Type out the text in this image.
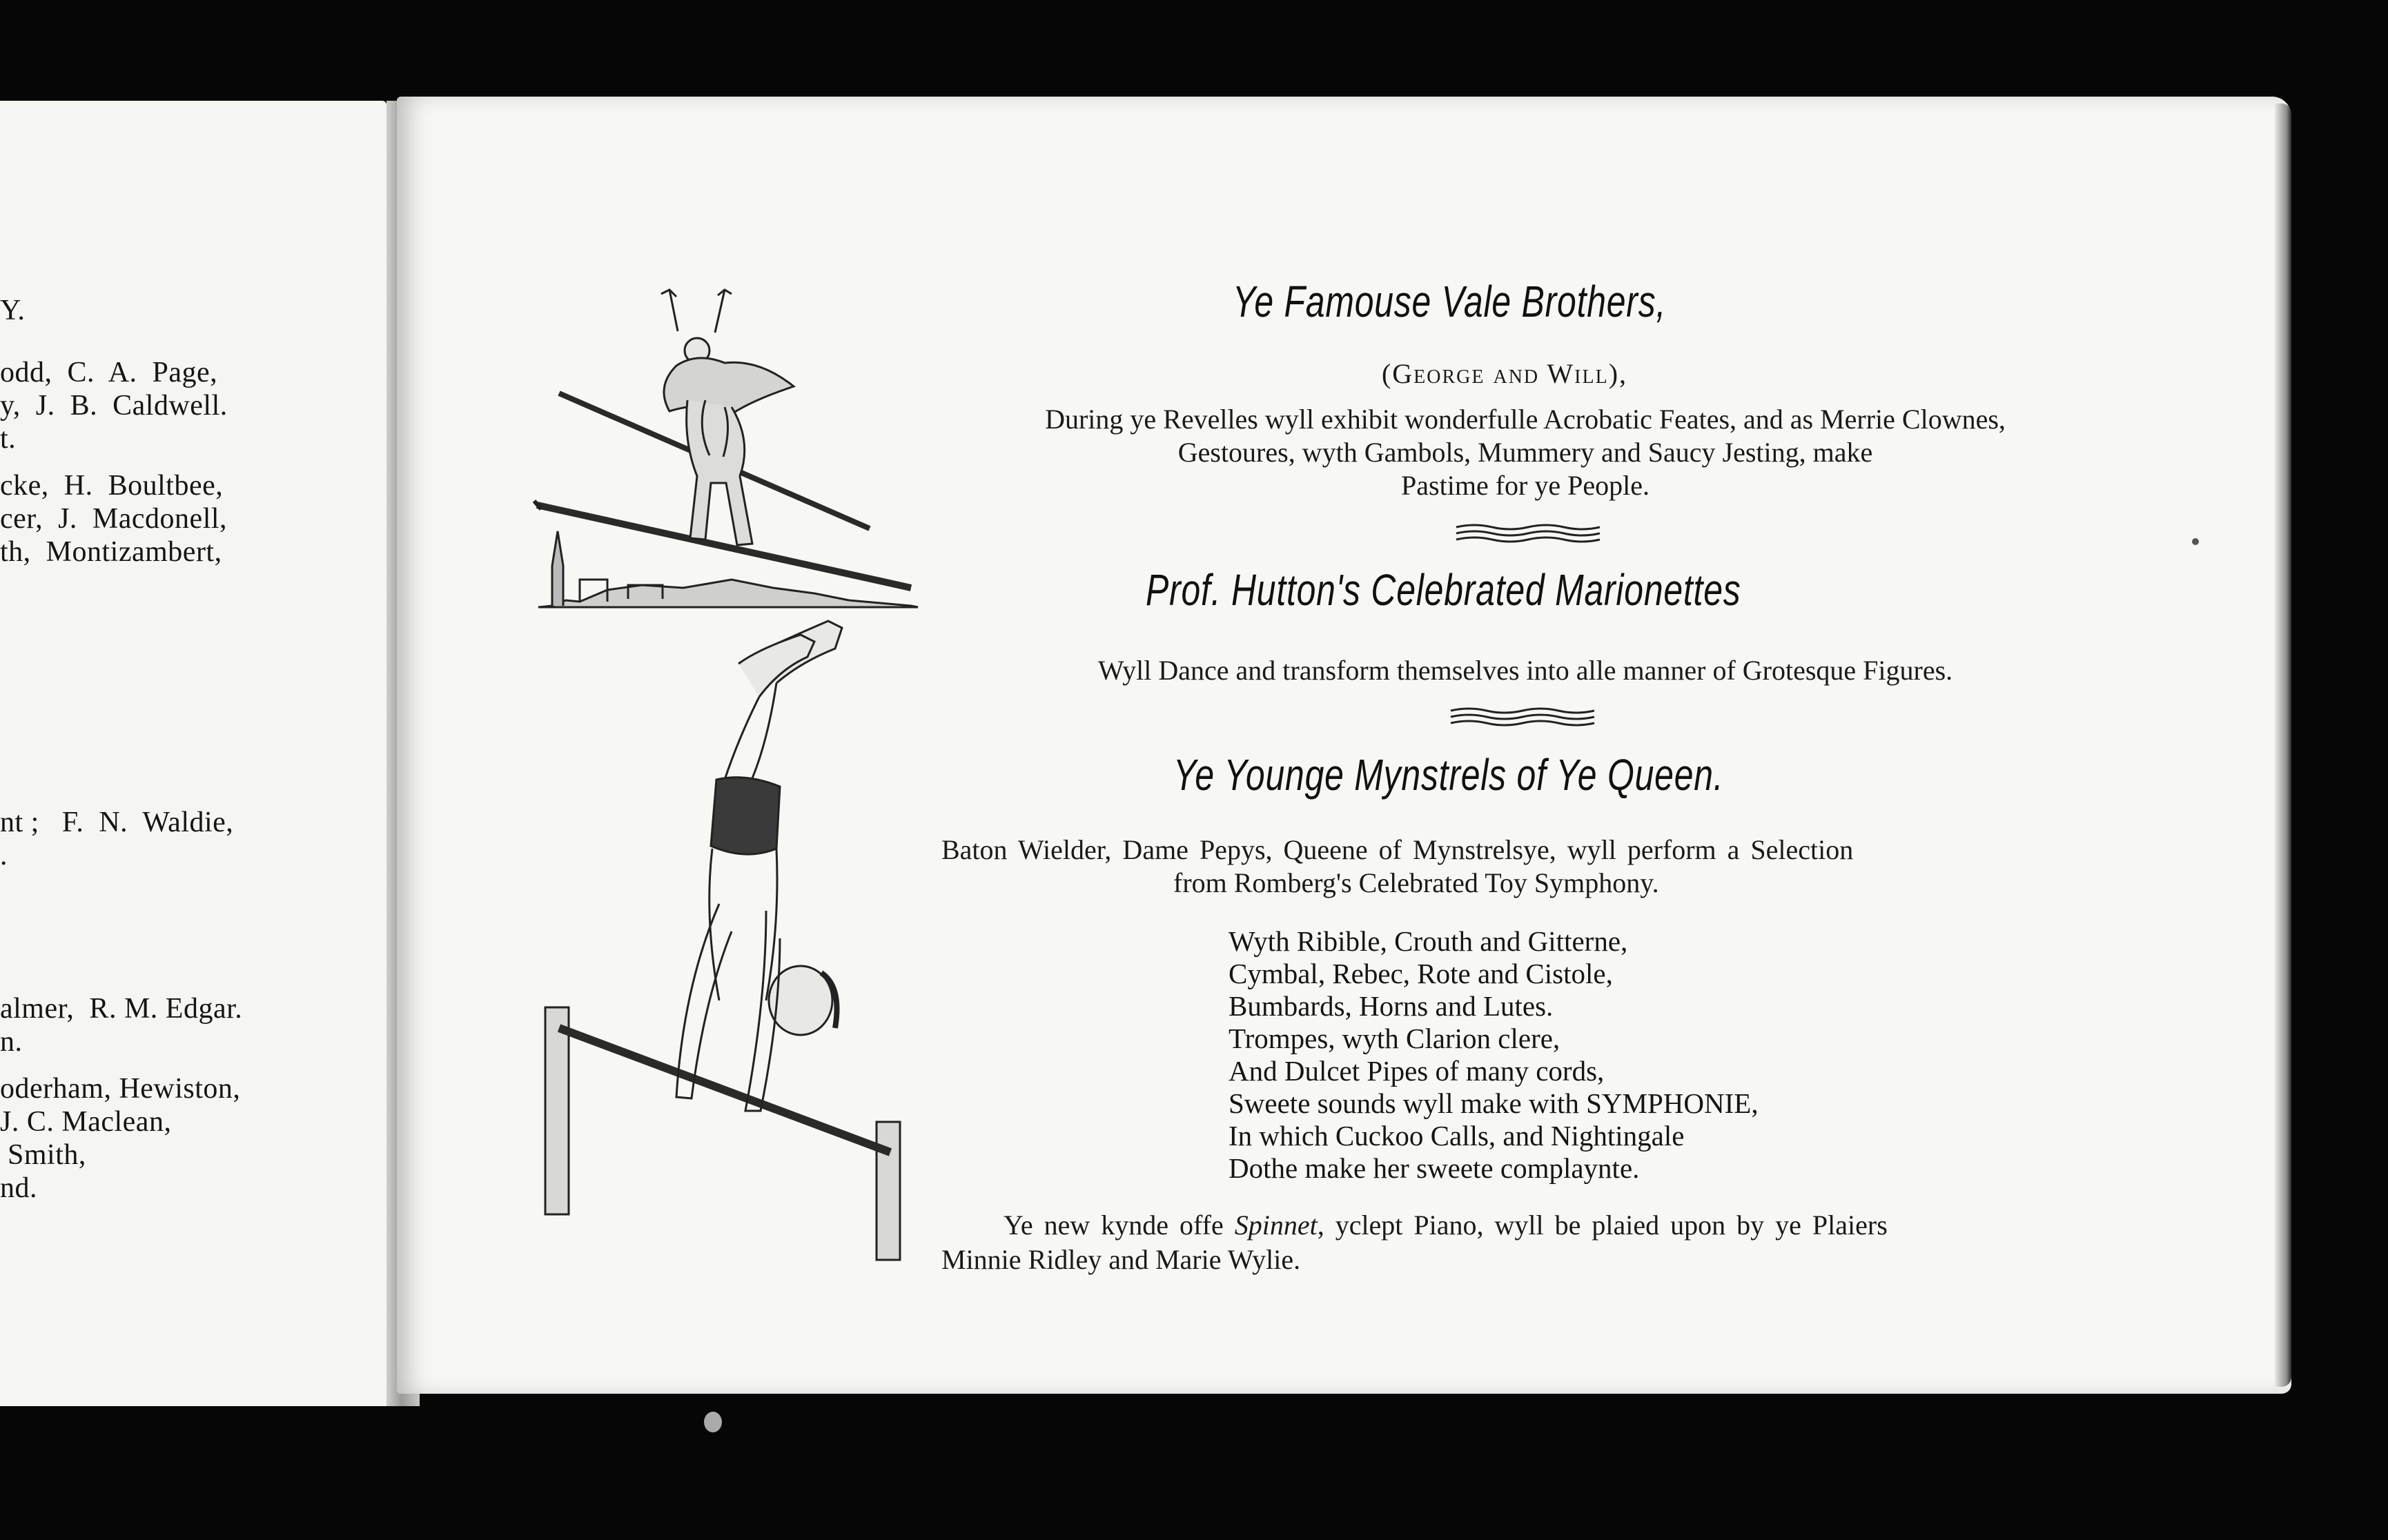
Y.

odd,  C.  A.  Page,

y,  J.  B.  Caldwell.

t.

cke,  H.  Boultbee,

cer,  J.  Macdonell,

th,  Montizambert,

nt ;   F.  N.  Waldie,

.

almer,  R. M. Edgar.

n.

oderham, Hewiston,

J. C. Maclean,

Smith,

nd.

Ye Famouse Vale Brothers,

(George and Will),

During ye Revelles wyll exhibit wonderfulle Acrobatic Feates, and as Merrie Clownes,

Gestoures, wyth Gambols, Mummery and Saucy Jesting, make

Pastime for ye People.

Prof. Hutton's Celebrated Marionettes

Wyll Dance and transform themselves into alle manner of Grotesque Figures.

Ye Younge Mynstrels of Ye Queen.

Baton Wielder, Dame Pepys, Queene of Mynstrelsye, wyll perform a Selection

from Romberg's Celebrated Toy Symphony.

Wyth Ribible, Crouth and Gitterne,

Cymbal, Rebec, Rote and Cistole,

Bumbards, Horns and Lutes.

Trompes, wyth Clarion clere,

And Dulcet Pipes of many cords,

Sweete sounds wyll make with SYMPHONIE,

In which Cuckoo Calls, and Nightingale

Dothe make her sweete complaynte.

Ye new kynde offe Spinnet, yclept Piano, wyll be plaied upon by ye Plaiers

Minnie Ridley and Marie Wylie.
